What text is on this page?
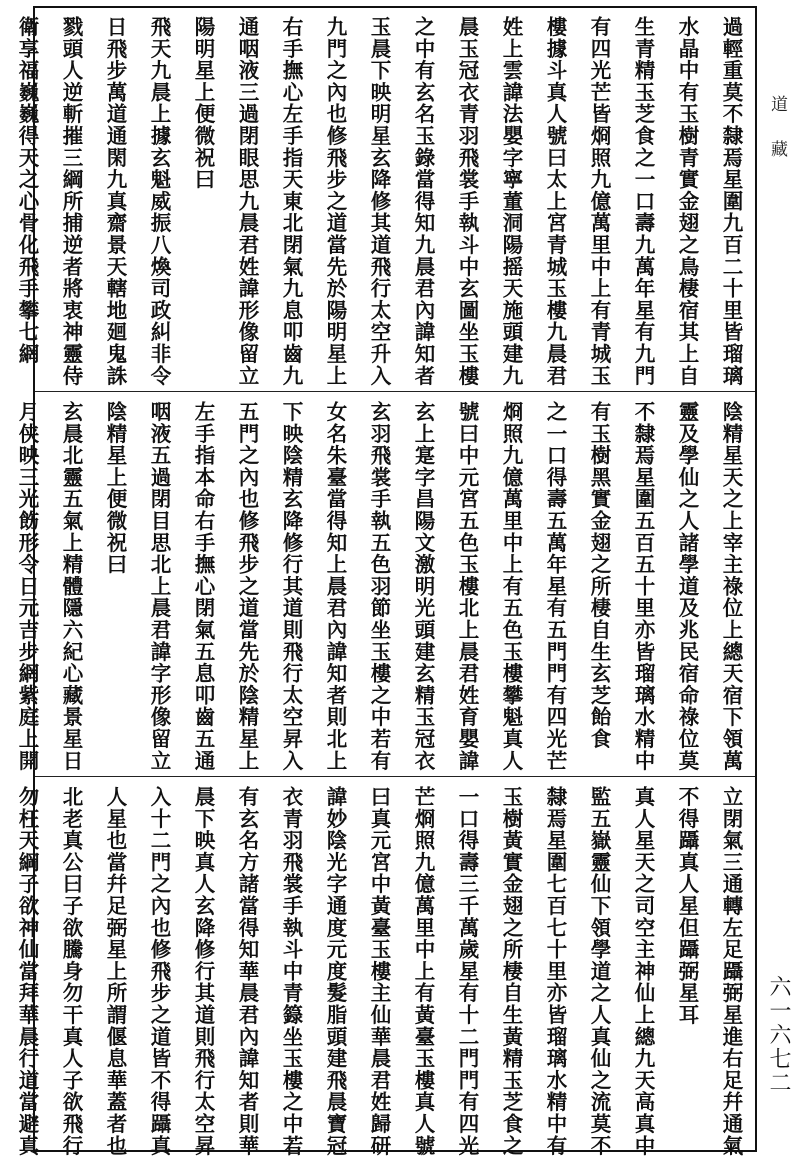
過輕重莫不隸焉星圍九百二十里皆瑠璃
水晶中有玉樹青實金翅之鳥棲宿其上自
生青精玉芝食之一口壽九萬年星有九門
有四光芒皆烱照九億萬里中上有青城玉
樓據斗真人號曰太上宮青城玉樓九晨君
姓上雲諱法嬰字寧董洞陽摇天施頭建九
晨玉冠衣青羽飛裳手執斗中玄圖坐玉樓
之中有玄名玉錄當得知九晨君內諱知者
玉晨下映明星玄降修其道飛行太空升入
九門之內也修飛步之道當先於陽明星上
右手撫心左手指天東北閉氣九息叩齒九
通咽液三過閉眼思九晨君姓諱形像留立
陽明星上便微祝曰
飛天九晨上據玄魁威振八煥司政糾非令
日飛步萬道通閑九真齋景天轄地廻鬼誅
戮頭人逆斬摧三綱所捕逆者將衷神靈侍
衛享福巍巍得天之心骨化飛手攀七網
陰精星天之上宰主祿位上總天宿下領萬
靈及學仙之人諸學道及兆民宿命祿位莫
不隸焉星圍五百五十里亦皆瑠璃水精中
有玉樹黑實金翅之所棲自生玄芝飴食
之一口得壽五萬年星有五門門有四光芒
烱照九億萬里中上有五色玉樓攀魁真人
號曰中元宮五色玉樓北上晨君姓育嬰諱
玄上寔字昌陽文激明光頭建玄精玉冠衣
玄羽飛裳手執五色羽節坐玉樓之中若有
女名朱臺當得知上晨君內諱知者則北上
下映陰精玄降修行其道則飛行太空昇入
五門之內也修飛步之道當先於陰精星上
左手指本命右手撫心閉氣五息叩齒五通
咽液五過閉目思北上晨君諱字形像留立
陰精星上便微祝曰
玄晨北靈五氣上精體隱六紀心藏景星日
月侠映三光飭形令日元吉步網紫庭上開
立閉氣三通轉左足躡弼星進右足幷通氣
不得躡真人星但躡弼星耳
真人星天之司空主神仙上總九天高真中
監五嶽靈仙下領學道之人真仙之流莫不
隸焉星圍七百七十里亦皆瑠璃水精中有
玉樹黃實金翅之所棲自生黃精玉芝食之
一口得壽三千萬歲星有十二門門有四光
芒烱照九億萬里中上有黃臺玉樓真人號
曰真元宮中黃臺玉樓主仙華晨君姓歸研
諱妙陰光字通度元度髮脂頭建飛晨寶冠
衣青羽飛裳手執斗中青籙坐玉樓之中若
有玄名方諸當得知華晨君內諱知者則華
晨下映真人玄降修行其道則飛行太空昇
入十二門之內也修飛步之道皆不得躡真
人星也當幷足弼星上所謂偃息華蓋者也
北老真公曰子欲騰身勿干真人子欲飛行
勿枉天綱子欲神仙當拜華晨行道當避真
道藏
六一六七二
